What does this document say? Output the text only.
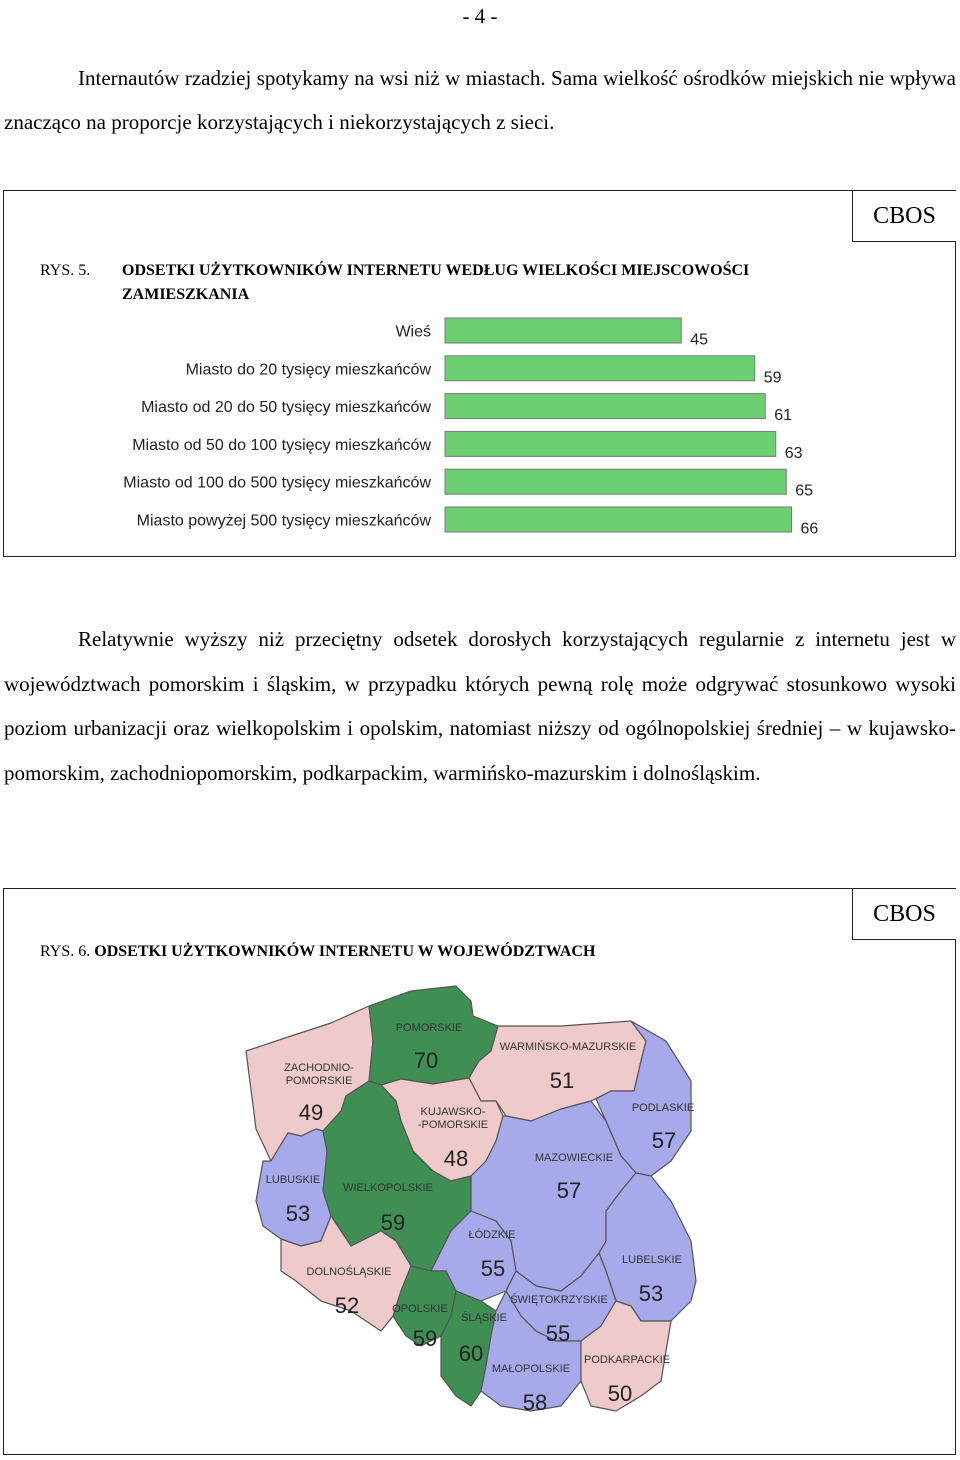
- 4 -

Internautów rzadziej spotykamy na wsi niż w miastach. Sama wielkość ośrodków miejskich nie wpływa znacząco na proporcje korzystających i niekorzystających z sieci.

Wieś	45
Miasto do 20 tysięcy mieszkańców	59
Miasto od 20 do 50 tysięcy mieszkańców	61
Miasto od 50 do 100 tysięcy mieszkańców	63
Miasto od 100 do 500 tysięcy mieszkańców	65
Miasto powyżej 500 tysięcy mieszkańców	66
CBOS
RYS. 5. ODSETKI UŻYTKOWNIKÓW INTERNETU WEDŁUG WIELKOŚCI MIEJSCOWOŚCI
ZAMIESZKANIA

Relatywnie wyższy niż przeciętny odsetek dorosłych korzystających regularnie z internetu jest w województwach pomorskim i śląskim, w przypadku których pewną rolę może odgrywać stosunkowo wysoki poziom urbanizacji oraz wielkopolskim i opolskim, natomiast niższy od ogólnopolskiej średniej – w kujawsko-pomorskim, zachodniopomorskim, podkarpackim, warmińsko-mazurskim i dolnośląskim.

ZACHODNIO-POMORSKIE
49
POMORSKIE
70
WARMIŃSKO-MAZURSKIE
51
PODLASKIE
57
KUJAWSKO--POMORSKIE
48	MAZOWIECKIE
57
LUBUSKIE
53
WIELKOPOLSKIE
59	ŁÓDZKIE
55	LUBELSKIE
53
DOLNOŚLĄSKIE
52	OPOLSKIE
59
ŚLĄSKIE
60
ŚWIĘTOKRZYSKIE
55
MAŁOPOLSKIE
58
PODKARPACKIE
50
CBOS
RYS. 6. ODSETKI UŻYTKOWNIKÓW INTERNETU W WOJEWÓDZTWACH
